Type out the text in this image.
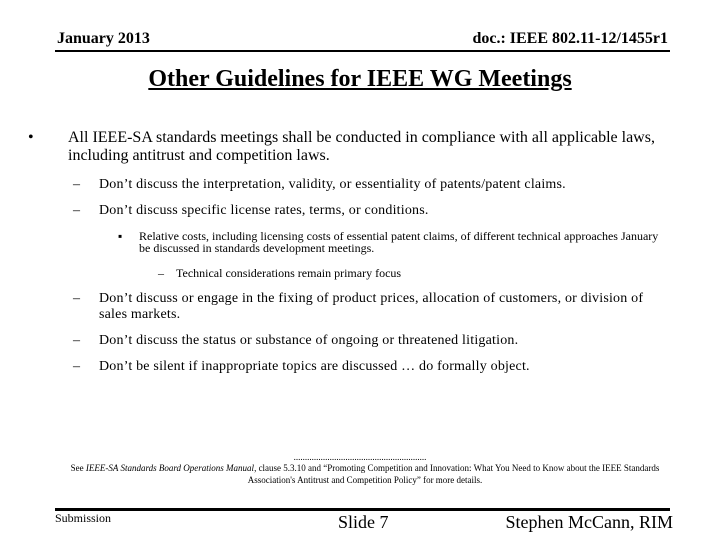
January 2013	doc.: IEEE 802.11-12/1455r1
Other Guidelines for IEEE WG Meetings
• All IEEE-SA standards meetings shall be conducted in compliance with all applicable laws, including antitrust and competition laws.
– Don’t discuss the interpretation, validity, or essentiality of patents/patent claims.
– Don’t discuss specific license rates, terms, or conditions.
▪ Relative costs, including licensing costs of essential patent claims, of different technical approaches January be discussed in standards development meetings.
– Technical considerations remain primary focus
– Don’t discuss or engage in the fixing of product prices, allocation of customers, or division of sales markets.
– Don’t discuss the status or substance of ongoing or threatened litigation.
– Don’t be silent if inappropriate topics are discussed … do formally object.
...........................................................
See IEEE-SA Standards Board Operations Manual, clause 5.3.10 and “Promoting Competition and Innovation: What You Need to Know about the IEEE Standards Association's Antitrust and Competition Policy” for more details.
Submission	Slide 7	Stephen McCann, RIM
